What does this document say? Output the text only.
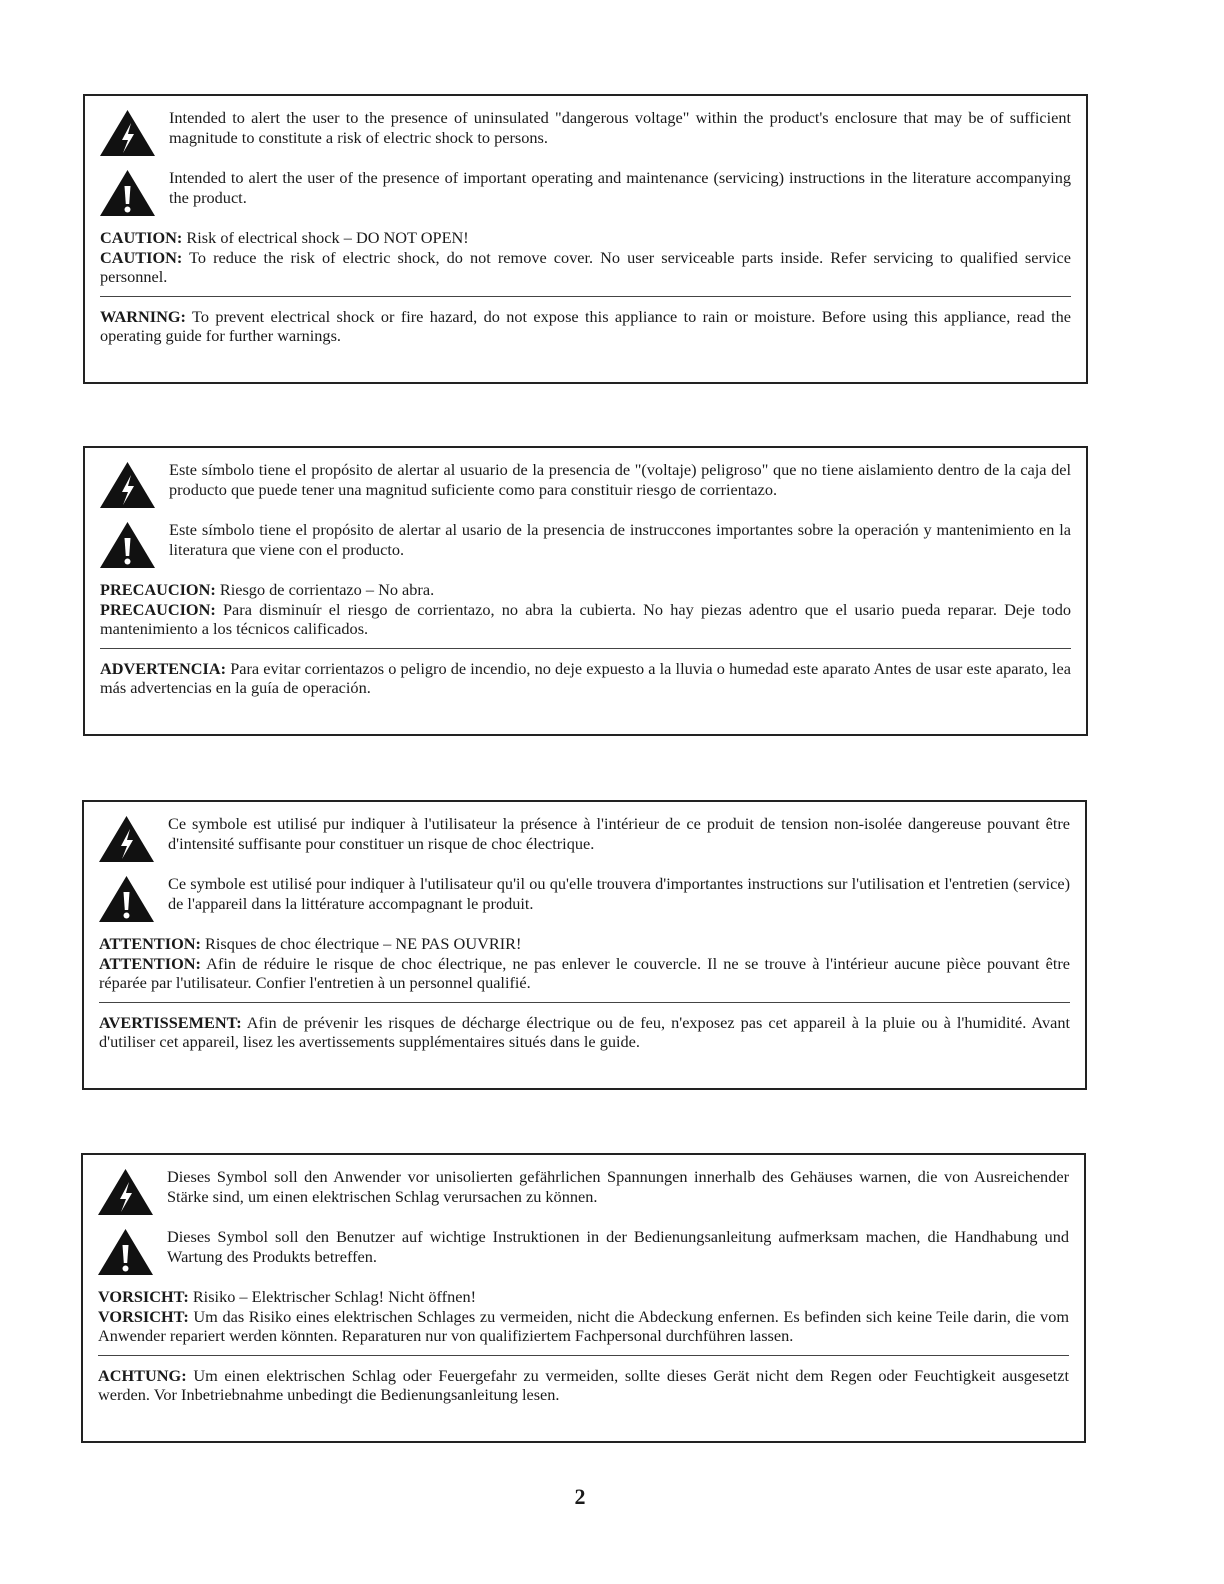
Intended to alert the user to the presence of uninsulated "dangerous voltage" within the product's enclosure that may be of sufficient magnitude to constitute a risk of electric shock to persons.
Intended to alert the user of the presence of important operating and maintenance (servicing) instructions in the literature accompanying the product.
CAUTION: Risk of electrical shock – DO NOT OPEN!
CAUTION: To reduce the risk of electric shock, do not remove cover. No user serviceable parts inside. Refer servicing to qualified service personnel.
WARNING: To prevent electrical shock or fire hazard, do not expose this appliance to rain or moisture. Before using this appliance, read the operating guide for further warnings.
Este símbolo tiene el propósito de alertar al usuario de la presencia de "(voltaje) peligroso" que no tiene aislamiento dentro de la caja del producto que puede tener una magnitud suficiente como para constituir riesgo de corrientazo.
Este símbolo tiene el propósito de alertar al usario de la presencia de instruccones importantes sobre la operación y mantenimiento en la literatura que viene con el producto.
PRECAUCION: Riesgo de corrientazo – No abra.
PRECAUCION: Para disminuír el riesgo de corrientazo, no abra la cubierta. No hay piezas adentro que el usario pueda reparar. Deje todo mantenimiento a los técnicos calificados.
ADVERTENCIA: Para evitar corrientazos o peligro de incendio, no deje expuesto a la lluvia o humedad este aparato Antes de usar este aparato, lea más advertencias en la guía de operación.
Ce symbole est utilisé pur indiquer à l'utilisateur la présence à l'intérieur de ce produit de tension non-isolée dangereuse pouvant être d'intensité suffisante pour constituer un risque de choc électrique.
Ce symbole est utilisé pour indiquer à l'utilisateur qu'il ou qu'elle trouvera d'importantes instructions sur l'utilisation et l'entretien (service) de l'appareil dans la littérature accompagnant le produit.
ATTENTION: Risques de choc électrique – NE PAS OUVRIR!
ATTENTION: Afin de réduire le risque de choc électrique, ne pas enlever le couvercle. Il ne se trouve à l'intérieur aucune pièce pouvant être réparée par l'utilisateur. Confier l'entretien à un personnel qualifié.
AVERTISSEMENT: Afin de prévenir les risques de décharge électrique ou de feu, n'exposez pas cet appareil à la pluie ou à l'humidité. Avant d'utiliser cet appareil, lisez les avertissements supplémentaires situés dans le guide.
Dieses Symbol soll den Anwender vor unisolierten gefährlichen Spannungen innerhalb des Gehäuses warnen, die von Ausreichender Stärke sind, um einen elektrischen Schlag verursachen zu können.
Dieses Symbol soll den Benutzer auf wichtige Instruktionen in der Bedienungsanleitung aufmerksam machen, die Handhabung und Wartung des Produkts betreffen.
VORSICHT: Risiko – Elektrischer Schlag! Nicht öffnen!
VORSICHT: Um das Risiko eines elektrischen Schlages zu vermeiden, nicht die Abdeckung enfernen. Es befinden sich keine Teile darin, die vom Anwender repariert werden könnten. Reparaturen nur von qualifiziertem Fachpersonal durchführen lassen.
ACHTUNG: Um einen elektrischen Schlag oder Feuergefahr zu vermeiden, sollte dieses Gerät nicht dem Regen oder Feuchtigkeit ausgesetzt werden. Vor Inbetriebnahme unbedingt die Bedienungsanleitung lesen.
2
